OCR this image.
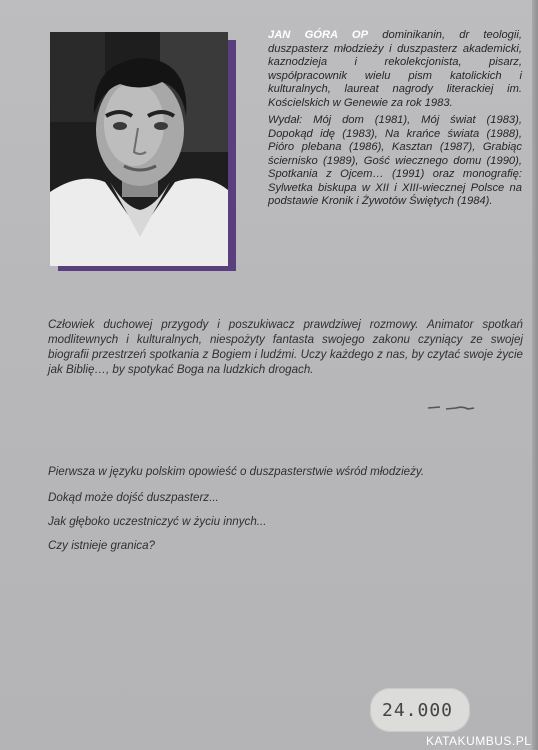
JAN GÓRA OP dominikanin, dr teologii, duszpasterz młodzieży i duszpasterz akademicki, kaznodzieja i rekolekcjonista, pisarz, współpracownik wielu pism katolickich i kulturalnych, laureat nagrody literackiej im. Kościelskich w Genewie za rok 1983.

Wydał: Mój dom (1981), Mój świat (1983), Dopokąd idę (1983), Na krańce świata (1988), Pióro plebana (1986), Kasztan (1987), Grabiąc ściernisko (1989), Gość wiecznego domu (1990), Spotkania z Ojcem… (1991) oraz monografię: Sylwetka biskupa w XII i XIII-wiecznej Polsce na podstawie Kronik i Żywotów Świętych (1984).

Człowiek duchowej przygody i poszukiwacz prawdziwej rozmowy. Animator spotkań modlitewnych i kulturalnych, niespożyty fantasta swojego zakonu czyniący ze swojej biografii przestrzeń spotkania z Bogiem i ludźmi. Uczy każdego z nas, by czytać swoje życie jak Biblię…, by spotykać Boga na ludzkich drogach.
Pierwsza w języku polskim opowieść o duszpasterstwie wśród młodzieży.
Dokąd może dojść duszpasterz...
Jak głęboko uczestniczyć w życiu innych...
Czy istnieje granica?
24.000
KATAKUMBUS.PL
